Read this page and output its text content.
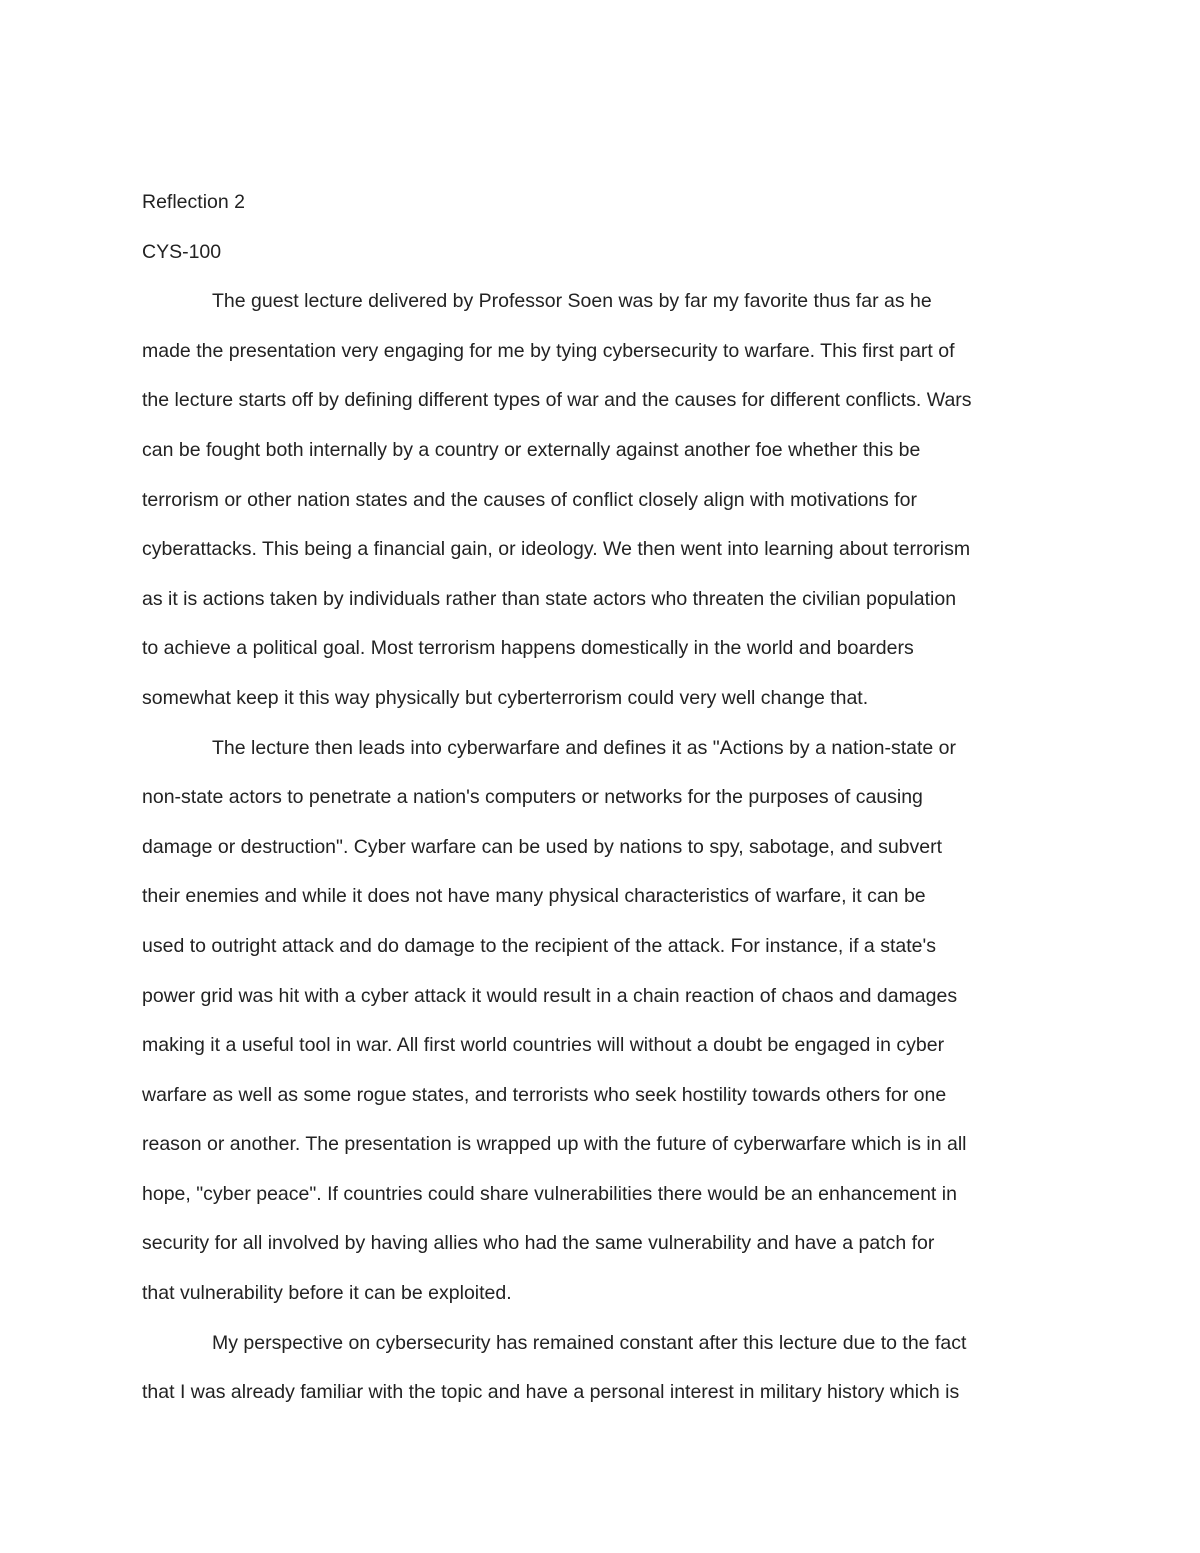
Reflection 2

CYS-100

The guest lecture delivered by Professor Soen was by far my favorite thus far as he

made the presentation very engaging for me by tying cybersecurity to warfare. This first part of

the lecture starts off by defining different types of war and the causes for different conflicts. Wars

can be fought both internally by a country or externally against another foe whether this be

terrorism or other nation states and the causes of conflict closely align with motivations for

cyberattacks. This being a financial gain, or ideology. We then went into learning about terrorism

as it is actions taken by individuals rather than state actors who threaten the civilian population

to achieve a political goal. Most terrorism happens domestically in the world and boarders

somewhat keep it this way physically but cyberterrorism could very well change that.

The lecture then leads into cyberwarfare and defines it as "Actions by a nation-state or

non-state actors to penetrate a nation's computers or networks for the purposes of causing

damage or destruction". Cyber warfare can be used by nations to spy, sabotage, and subvert

their enemies and while it does not have many physical characteristics of warfare, it can be

used to outright attack and do damage to the recipient of the attack. For instance, if a state's

power grid was hit with a cyber attack it would result in a chain reaction of chaos and damages

making it a useful tool in war. All first world countries will without a doubt be engaged in cyber

warfare as well as some rogue states, and terrorists who seek hostility towards others for one

reason or another. The presentation is wrapped up with the future of cyberwarfare which is in all

hope, "cyber peace". If countries could share vulnerabilities there would be an enhancement in

security for all involved by having allies who had the same vulnerability and have a patch for

that vulnerability before it can be exploited.

My perspective on cybersecurity has remained constant after this lecture due to the fact

that I was already familiar with the topic and have a personal interest in military history which is
